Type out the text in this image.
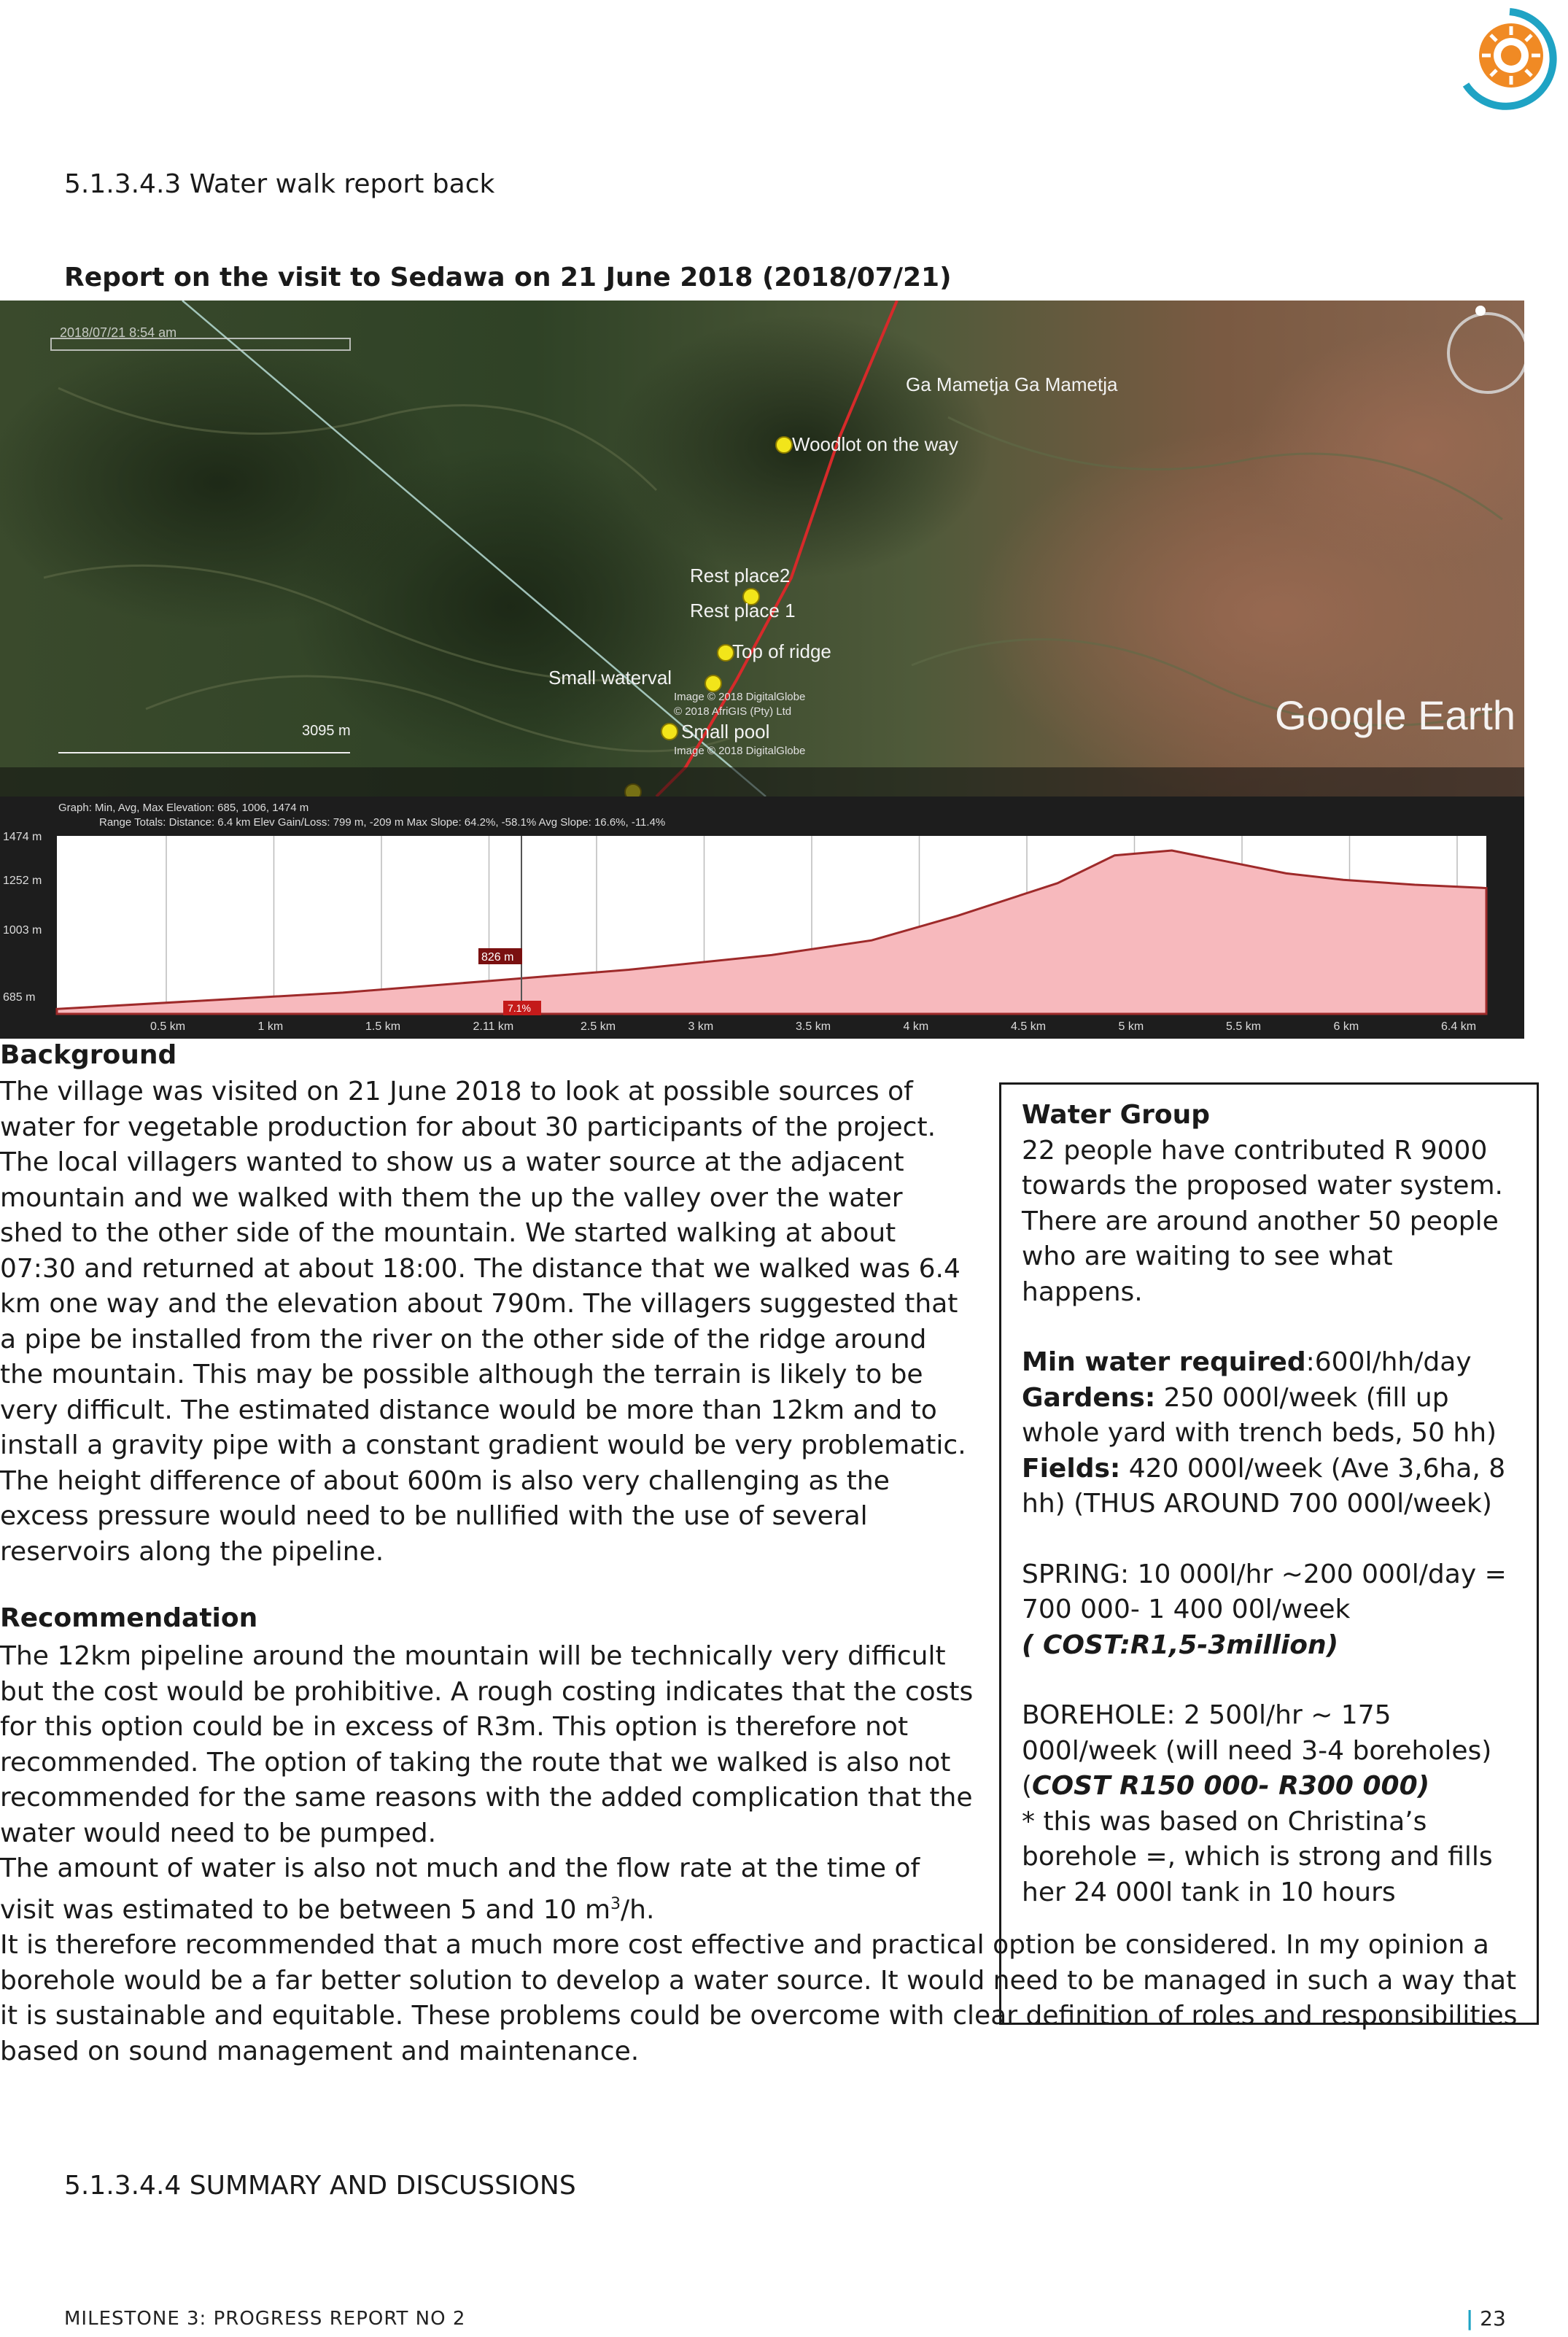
5.1.3.4.3 Water walk report back
Report on the visit to Sedawa on 21 June 2018 (2018/07/21)
2018/07/21 8:54 am
Ga Mametja Ga Mametja
Woodlot on the way
Rest place2
Rest place 1
Top of ridge
Small waterval
Small pool
3095 m
Image © 2018 DigitalGlobe
© 2018 AfriGIS (Pty) Ltd
Image © 2018 DigitalGlobe
Google Earth
Graph: Min, Avg, Max Elevation: 685, 1006, 1474 m
Range Totals: Distance: 6.4 km Elev Gain/Loss: 799 m, -209 m Max Slope: 64.2%, -58.1% Avg Slope: 16.6%, -11.4%
826 m
7.1%
1474 m
1252 m
1003 m
685 m
0.5 km	1 km	1.5 km	2.11 km	2.5 km	3 km	3.5 km	4 km	4.5 km	5 km	5.5 km	6 km	6.4 km
Background
The village was visited on 21 June 2018 to look at possible sources of water for vegetable production for about 30 participants of the project. The local villagers wanted to show us a water source at the adjacent mountain and we walked with them the up the valley over the water shed to the other side of the mountain. We started walking at about 07:30 and returned at about 18:00. The distance that we walked was 6.4 km one way and the elevation about 790m. The villagers suggested that a pipe be installed from the river on the other side of the ridge around the mountain. This may be possible although the terrain is likely to be very difficult. The estimated distance would be more than 12km and to install a gravity pipe with a constant gradient would be very problematic. The height difference of about 600m is also very challenging as the excess pressure would need to be nullified with the use of several reservoirs along the pipeline.
Recommendation

The 12km pipeline around the mountain will be technically very difficult but the cost would be prohibitive. A rough costing indicates that the costs for this option could be in excess of R3m. This option is therefore not recommended. The option of taking the route that we walked is also not recommended for the same reasons with the added complication that the water would need to be pumped.

The amount of water is also not much and the flow rate at the time of visit was estimated to be between 5 and 10 $m^3/h$.

It is therefore recommended that a much more cost effective and practical option be considered. In my opinion a borehole would be a far better solution to develop a water source. It would need to be managed in such a way that it is sustainable and equitable. These problems could be overcome with clear definition of roles and responsibilities based on sound management and maintenance.

Water Group

22 people have contributed R 9000 towards the proposed water system. There are around another 50 people who are waiting to see what happens.

Min water required:600l/hh/day

Gardens: 250 000l/week (fill up whole yard with trench beds, 50 hh)

Fields: 420 000l/week (Ave 3,6ha, 8 hh) (THUS AROUND 700 000l/week)

SPRING: 10 000l/hr ~200 000l/day = 700 000- 1 400 00l/week

( COST:R1,5-3million)

BOREHOLE: 2 500l/hr ~ 175 000l/week (will need 3-4 boreholes) (COST R150 000- R300 000)

* this was based on Christina’s borehole =, which is strong and fills her 24 000l tank in 10 hours

5.1.3.4.4 SUMMARY AND DISCUSSIONS
MILESTONE 3: PROGRESS REPORT NO 2	| 23
